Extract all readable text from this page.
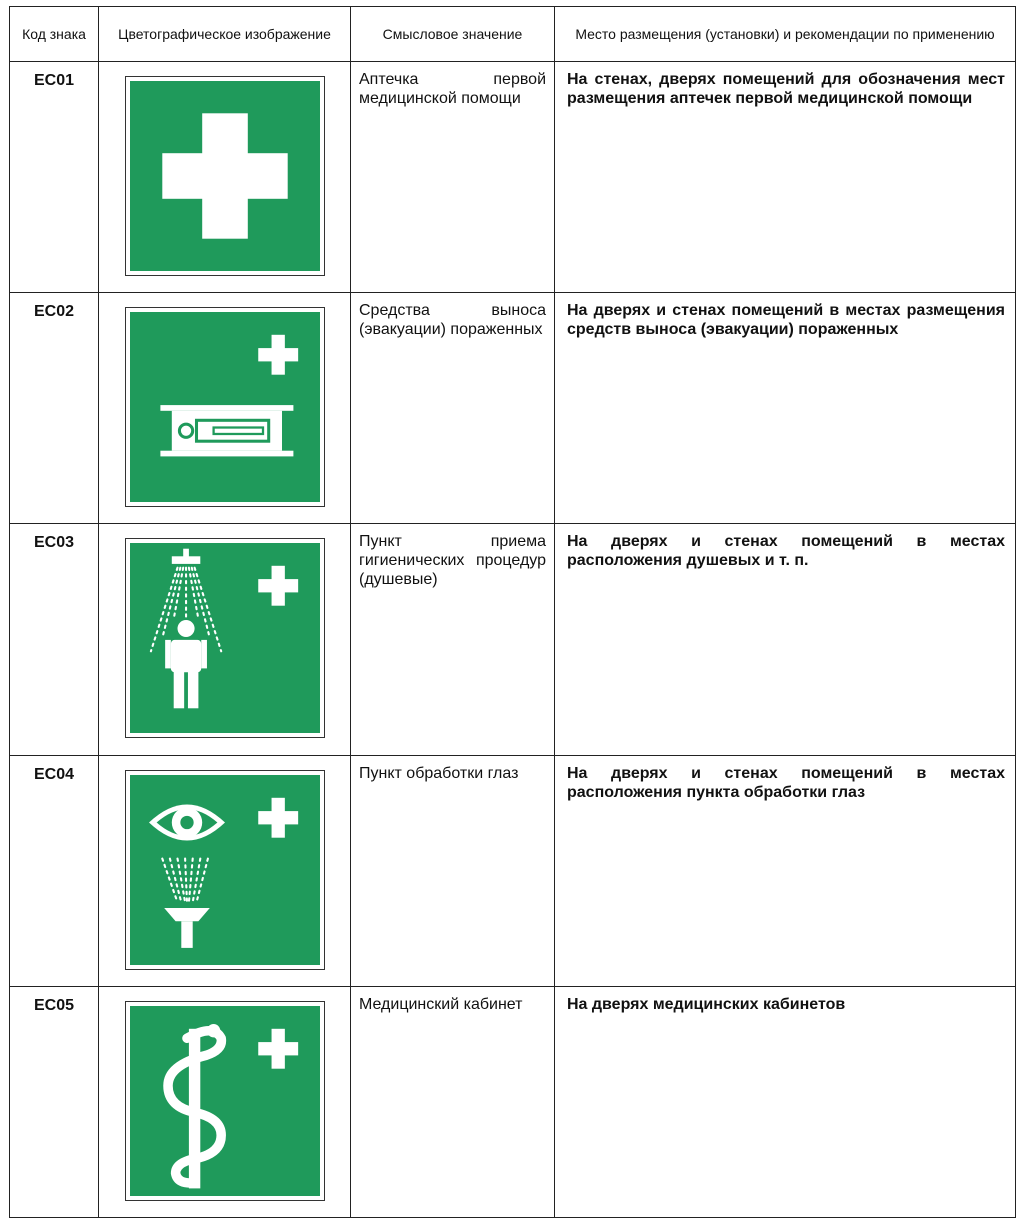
Код знака	Цветографическое изображение	Смысловое значение	Место размещения (установки) и рекомендации по применению
EC01		Аптечка первой медицинской помощи	На стенах, дверях помещений для обозначения мест размещения аптечек первой медицинской помощи
EC02		Средства выноса (эвакуации) пораженных	На дверях и стенах помещений в местах размещения средств выноса (эвакуации) пораженных
EC03		Пункт приема гигиенических процедур (душевые)	На дверях и стенах помещений в местах расположения душевых и т. п.
EC04		Пункт обработки глаз	На дверях и стенах помещений в местах расположения пункта обработки глаз
EC05		Медицинский кабинет	На дверях медицинских кабинетов
